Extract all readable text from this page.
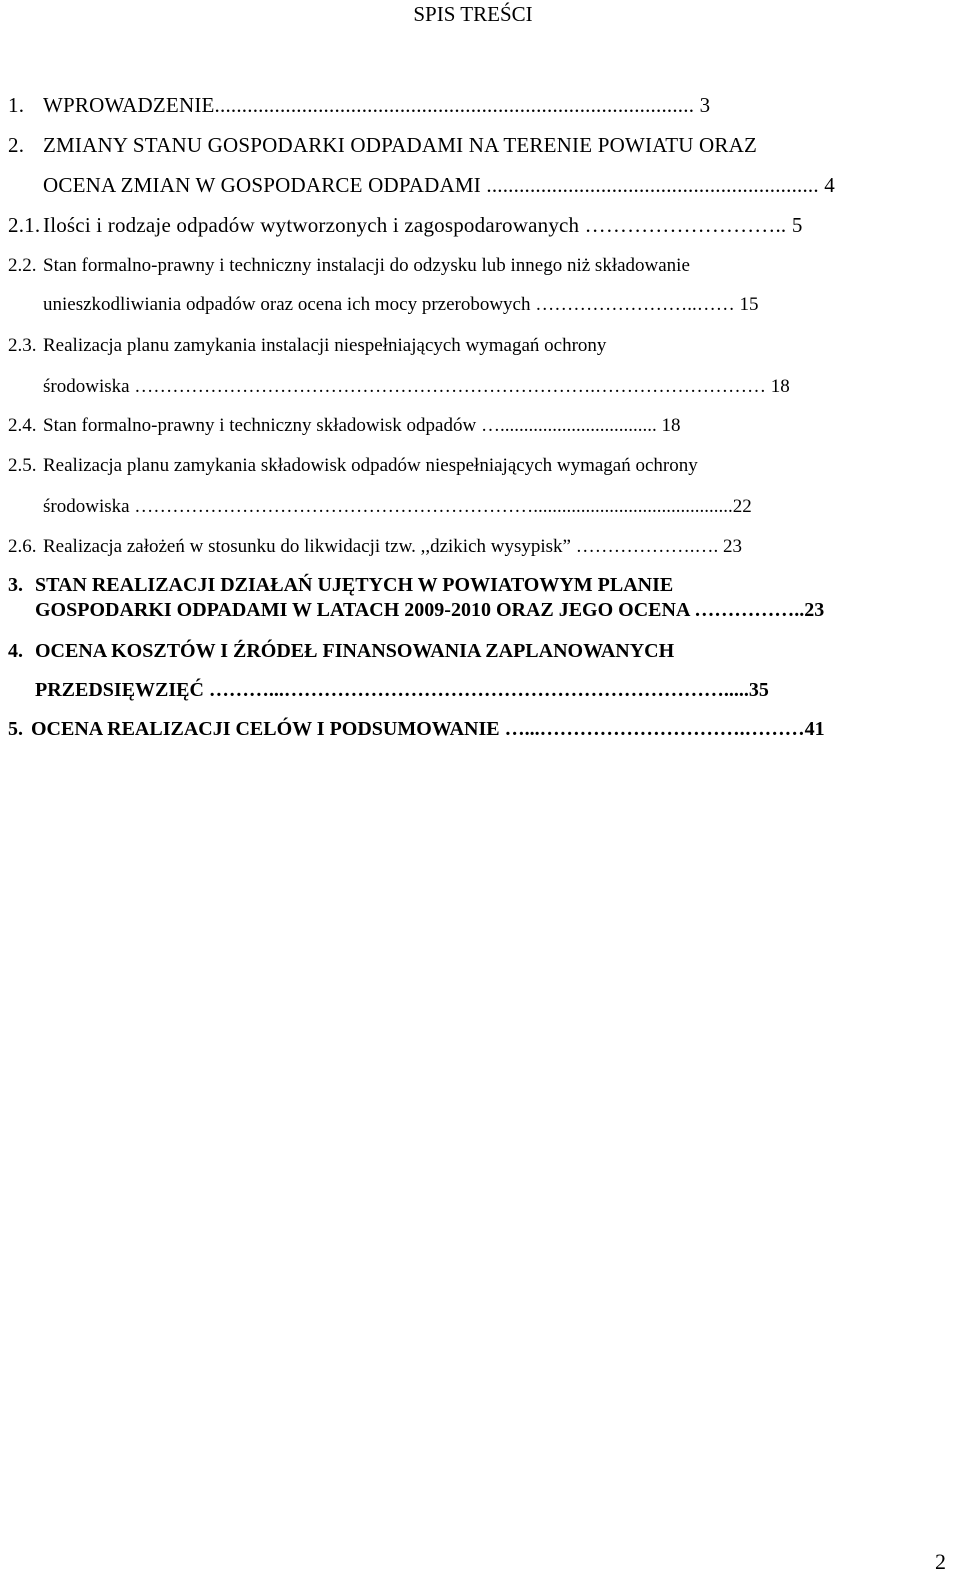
SPIS TREŚCI
1. WPROWADZENIE........................................................................................ 3
2. ZMIANY STANU GOSPODARKI ODPADAMI NA TERENIE POWIATU ORAZ
OCENA ZMIAN W GOSPODARCE ODPADAMI ............................................................. 4
2.1. Ilości i rodzaje odpadów wytworzonych i zagospodarowanych ……………………….. 5
2.2. Stan formalno-prawny i techniczny instalacji do odzysku lub innego niż składowanie
unieszkodliwiania odpadów oraz ocena ich mocy przerobowych ……………………..…… 15
2.3. Realizacja planu zamykania instalacji niespełniających wymagań ochrony
środowiska ……………………………………………………………….……………………… 18
2.4. Stan formalno-prawny i techniczny składowisk odpadów …................................. 18
2.5. Realizacja planu zamykania składowisk odpadów niespełniających wymagań ochrony
środowiska ………………………………………………………..........................................22
2.6. Realizacja założeń w stosunku do likwidacji tzw. ,,dzikich wysypisk” ……………….…. 23
3. STAN REALIZACJI DZIAŁAŃ UJĘTYCH W POWIATOWYM PLANIE
GOSPODARKI ODPADAMI W LATACH 2009-2010 ORAZ JEGO OCENA ……………..23
4. OCENA KOSZTÓW I ŹRÓDEŁ FINANSOWANIA ZAPLANOWANYCH
PRZEDSIĘWZIĘĆ ………...………………………………………………………….....35
5. OCENA REALIZACJI CELÓW I PODSUMOWANIE …...………………………….………41
2
